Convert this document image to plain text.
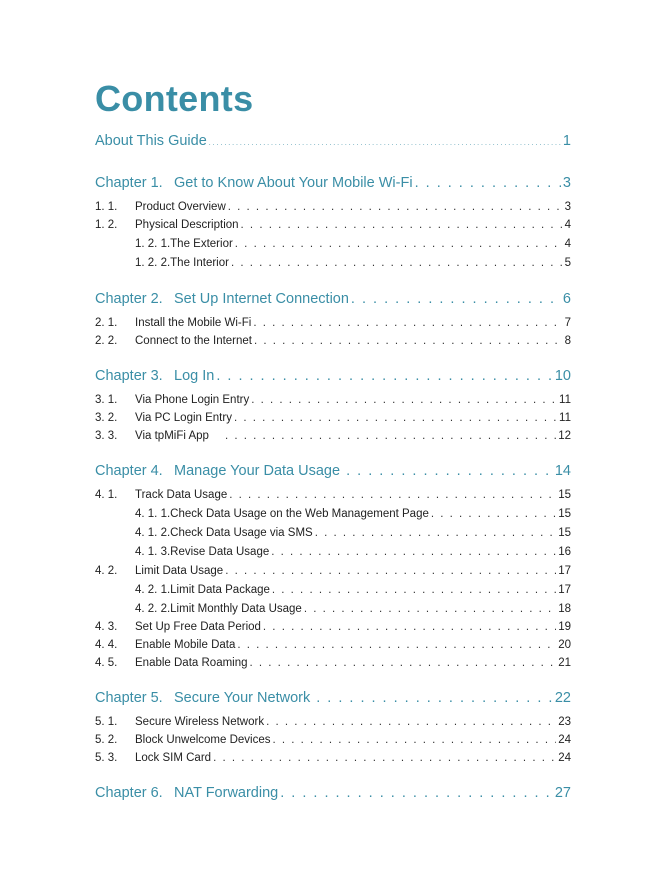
Contents
About This Guide . . .	1
Chapter 1. Get to Know About Your Mobile Wi-Fi . . .	3
1. 1.	Product Overview . . .	3
1. 2.	Physical Description . . .	4
1. 2. 1.The Exterior . . .	4
1. 2. 2.The Interior . . .	5
Chapter 2. Set Up Internet Connection . . .	6
2. 1.	Install the Mobile Wi-Fi . . .	7
2. 2.	Connect to the Internet . . .	8
Chapter 3. Log In . . .	10
3. 1.	Via Phone Login Entry . . .	11
3. 2.	Via PC Login Entry . . .	11
3. 3.	Via tpMiFi App . . .	12
Chapter 4. Manage Your Data Usage . . .	14
4. 1.	Track Data Usage . . .	15
4. 1. 1.Check Data Usage on the Web Management Page . . .	15
4. 1. 2.Check Data Usage via SMS . . .	15
4. 1. 3.Revise Data Usage . . .	16
4. 2.	Limit Data Usage . . .	17
4. 2. 1.Limit Data Package . . .	17
4. 2. 2.Limit Monthly Data Usage . . .	18
4. 3.	Set Up Free Data Period . . .	19
4. 4.	Enable Mobile Data . . .	20
4. 5.	Enable Data Roaming . . .	21
Chapter 5. Secure Your Network . . .	22
5. 1.	Secure Wireless Network . . .	23
5. 2.	Block Unwelcome Devices . . .	24
5. 3.	Lock SIM Card . . .	24
Chapter 6. NAT Forwarding . . .	27
